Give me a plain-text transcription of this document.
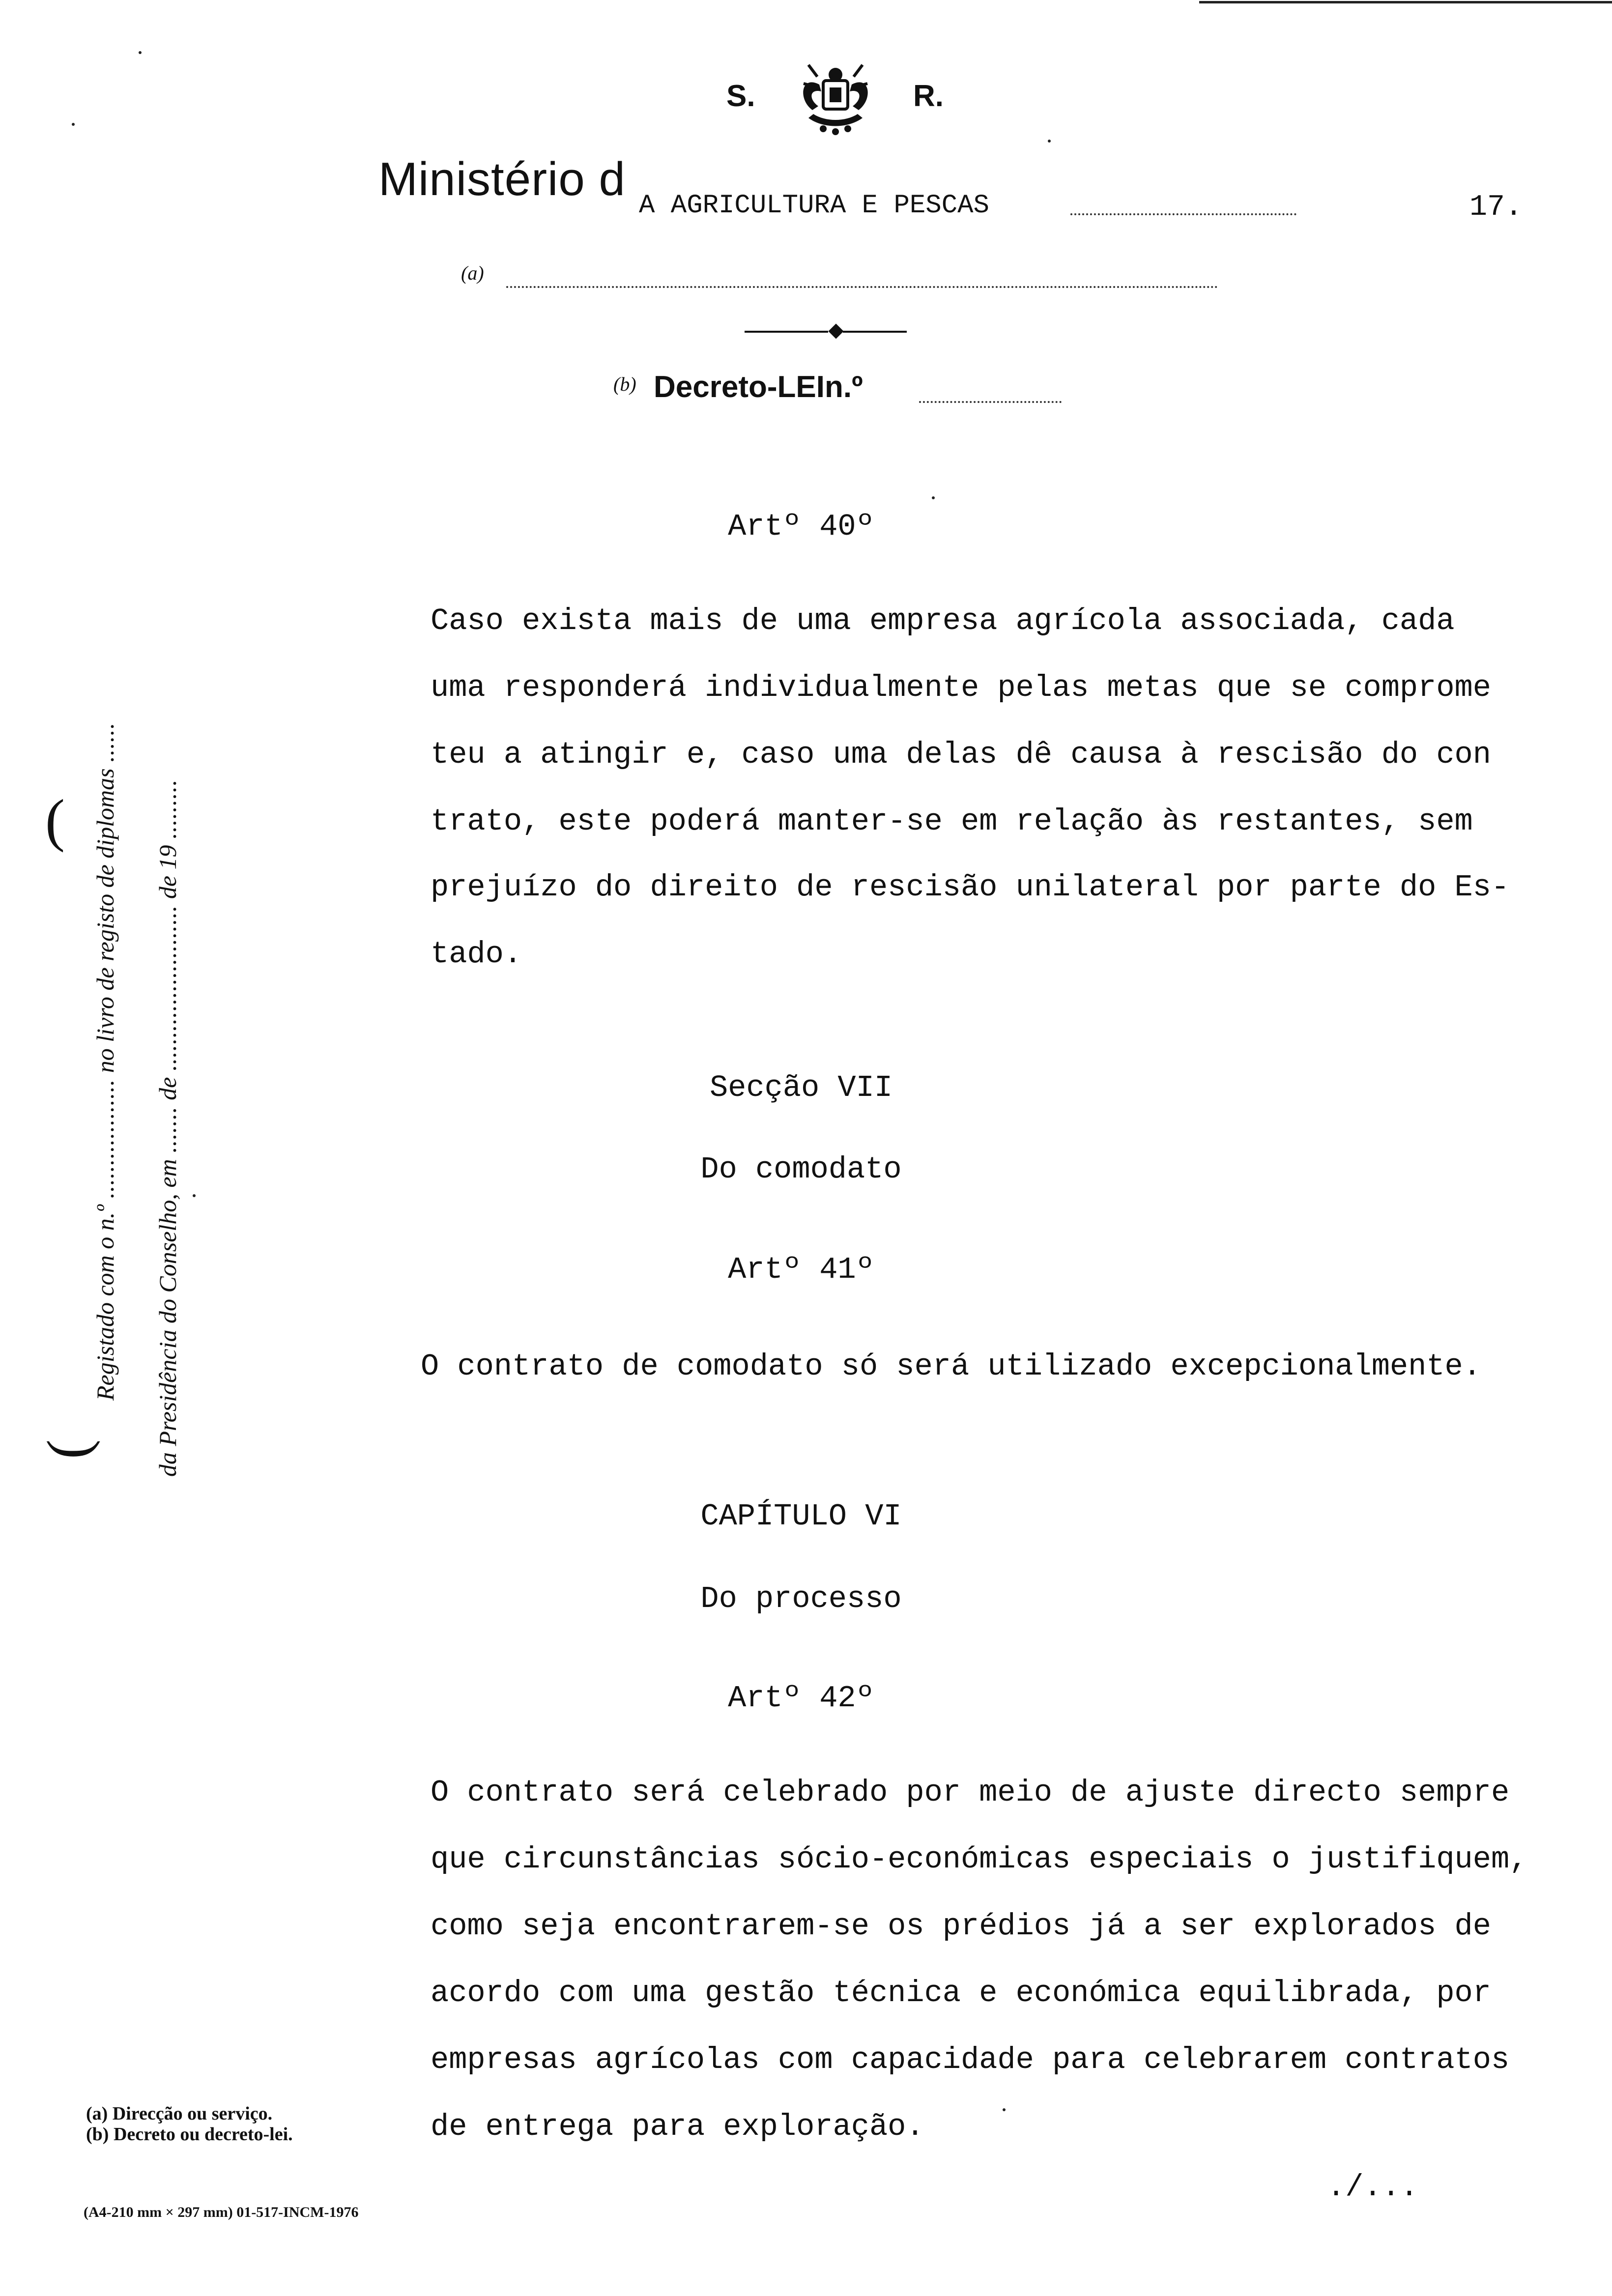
S.	R.
Ministério d
A AGRICULTURA E PESCAS	17.
(a)
(b) Decreto-LEIn.º
Registado com o n.º .................. no livro de registo de diplomas ......
da Presidência do Conselho, em ....... de ......................... de 19 .........
(
(
Artº 40º
Caso exista mais de uma empresa agrícola associada, cada
uma responderá individualmente pelas metas que se comprome
teu a atingir e, caso uma delas dê causa à rescisão do con
trato, este poderá manter-se em relação às restantes, sem
prejuízo do direito de rescisão unilateral por parte do Es-
tado.
Secção VII
Do comodato
Artº 41º
O contrato de comodato só será utilizado excepcionalmente.
CAPÍTULO VI
Do processo
Artº 42º
O contrato será celebrado por meio de ajuste directo sempre
que circunstâncias sócio-económicas especiais o justifiquem,
como seja encontrarem-se os prédios já a ser explorados de
acordo com uma gestão técnica e económica equilibrada, por
empresas agrícolas com capacidade para celebrarem contratos
de entrega para exploração.
(a) Direcção ou serviço.
(b) Decreto ou decreto-lei.
(A4-210 mm × 297 mm) 01-517-INCM-1976
./...
